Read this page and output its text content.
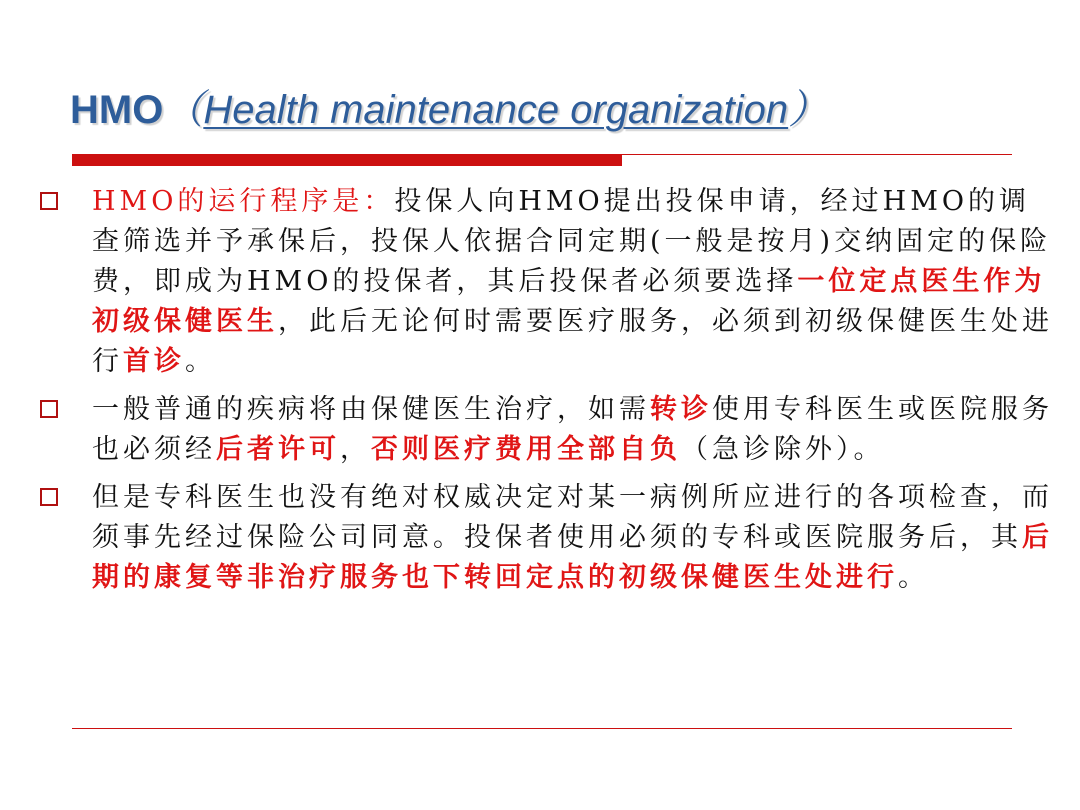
HMO（Health maintenance organization）
HMO的运行程序是：投保人向HMO提出投保申请，经过HMO的调查筛选并予承保后，投保人依据合同定期(一般是按月)交纳固定的保险费，即成为HMO的投保者，其后投保者必须要选择一位定点医生作为初级保健医生，此后无论何时需要医疗服务，必须到初级保健医生处进行首诊。
一般普通的疾病将由保健医生治疗，如需转诊使用专科医生或医院服务也必须经后者许可，否则医疗费用全部自负（急诊除外）。
但是专科医生也没有绝对权威决定对某一病例所应进行的各项检查，而须事先经过保险公司同意。投保者使用必须的专科或医院服务后，其后期的康复等非治疗服务也下转回定点的初级保健医生处进行。
